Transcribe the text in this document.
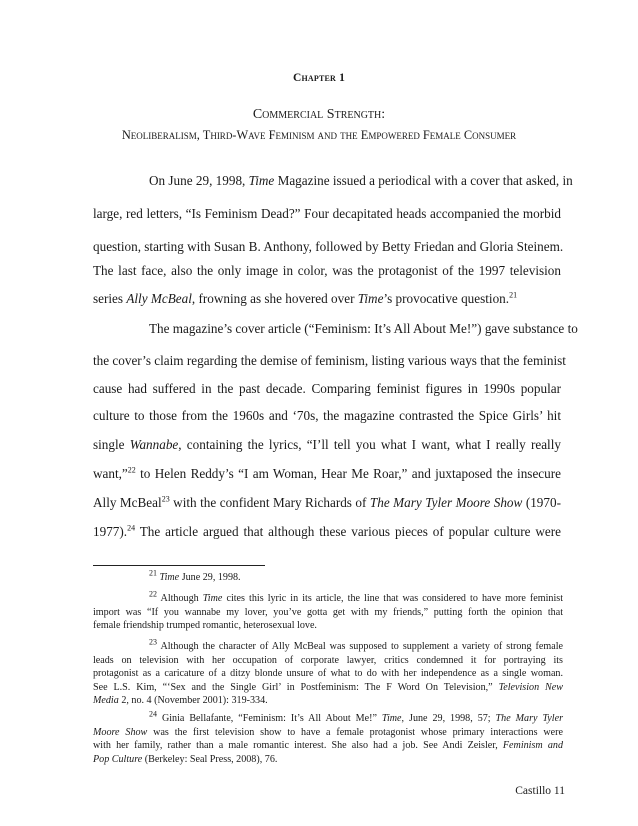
Chapter 1
Commercial Strength:
Neoliberalism, Third-Wave Feminism and the Empowered Female Consumer
On June 29, 1998, Time Magazine issued a periodical with a cover that asked, in
large, red letters, “Is Feminism Dead?” Four decapitated heads accompanied the morbid
question, starting with Susan B. Anthony, followed by Betty Friedan and Gloria Steinem.
The last face, also the only image in color, was the protagonist of the 1997 television
series Ally McBeal, frowning as she hovered over Time’s provocative question.$^{21}$
The magazine’s cover article (“Feminism: It’s All About Me!”) gave substance to
the cover’s claim regarding the demise of feminism, listing various ways that the feminist
cause had suffered in the past decade. Comparing feminist figures in 1990s popular
culture to those from the 1960s and ‘70s, the magazine contrasted the Spice Girls’ hit
single Wannabe, containing the lyrics, “I’ll tell you what I want, what I really really
want,”$^{22}$ to Helen Reddy’s “I am Woman, Hear Me Roar,” and juxtaposed the insecure
Ally McBeal$^{23}$ with the confident Mary Richards of The Mary Tyler Moore Show (1970-
1977).$^{24}$ The article argued that although these various pieces of popular culture were
$^{21}$ Time June 29, 1998.
$^{22}$ Although Time cites this lyric in its article, the line that was considered to have more feminist
import was “If you wannabe my lover, you’ve gotta get with my friends,” putting forth the opinion that
female friendship trumped romantic, heterosexual love.
$^{23}$ Although the character of Ally McBeal was supposed to supplement a variety of strong female
leads on television with her occupation of corporate lawyer, critics condemned it for portraying its
protagonist as a caricature of a ditzy blonde unsure of what to do with her independence as a single woman.
See L.S. Kim, “‘Sex and the Single Girl’ in Postfeminism: The F Word On Television,” Television New
Media 2, no. 4 (November 2001): 319-334.
$^{24}$ Ginia Bellafante, “Feminism: It’s All About Me!” Time, June 29, 1998, 57; The Mary Tyler
Moore Show was the first television show to have a female protagonist whose primary interactions were
with her family, rather than a male romantic interest. She also had a job. See Andi Zeisler, Feminism and
Pop Culture (Berkeley: Seal Press, 2008), 76.
Castillo 11
